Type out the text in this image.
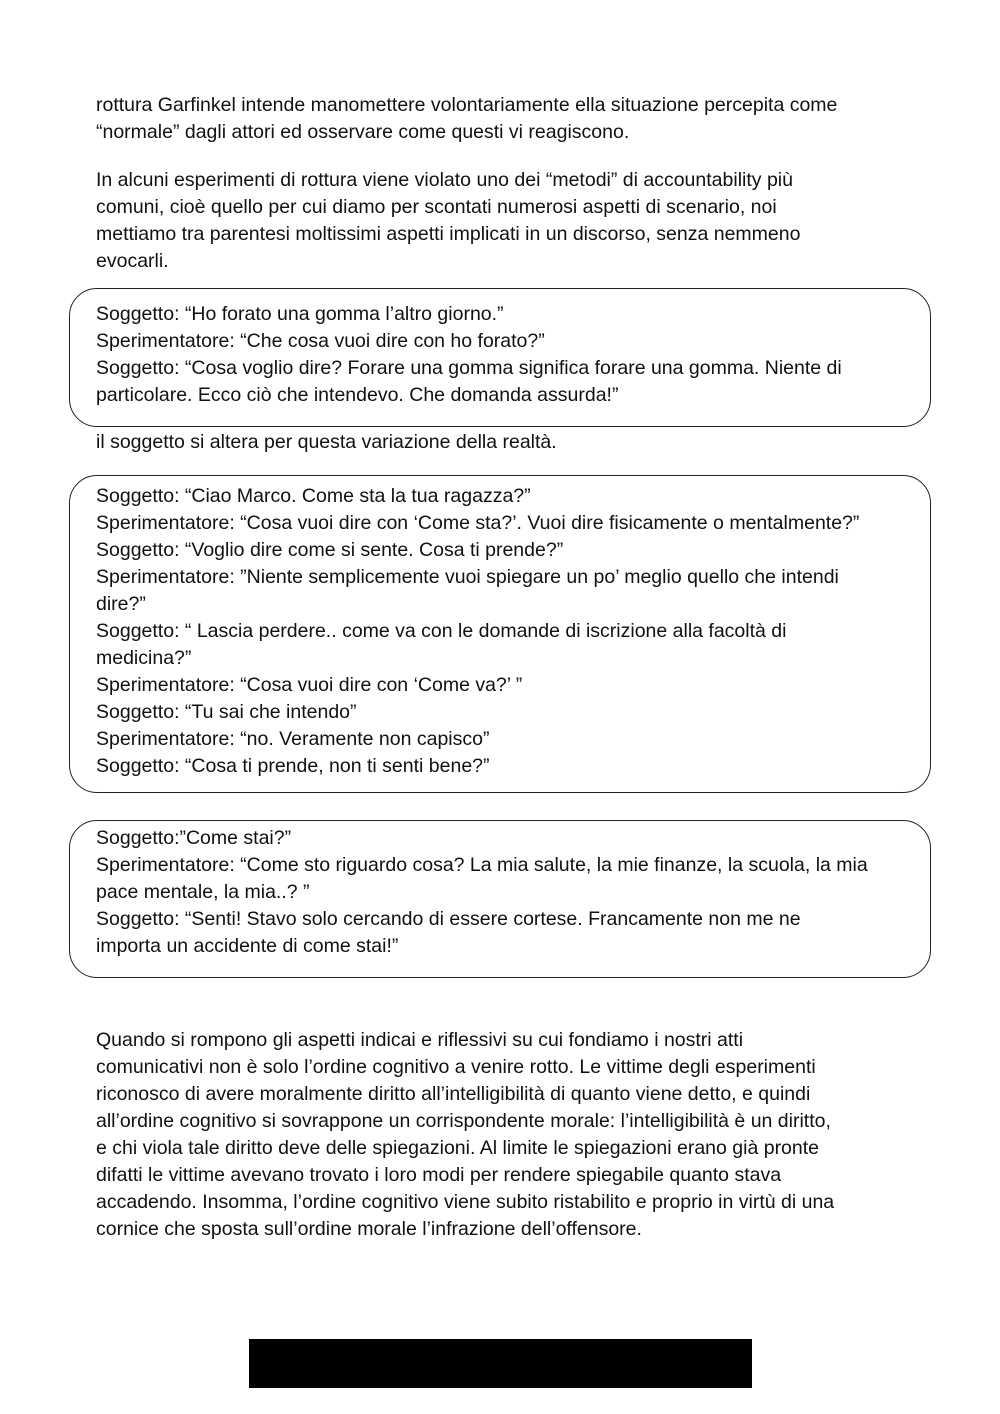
rottura Garfinkel intende manomettere volontariamente ella situazione percepita come
“normale” dagli attori ed osservare come questi vi reagiscono.

In alcuni esperimenti di rottura viene violato uno dei “metodi” di accountability più
comuni, cioè quello per cui diamo per scontati numerosi aspetti di scenario, noi
mettiamo tra parentesi moltissimi aspetti implicati in un discorso, senza nemmeno
evocarli.

Soggetto: “Ho forato una gomma l’altro giorno.”
Sperimentatore: “Che cosa vuoi dire con ho forato?”
Soggetto: “Cosa voglio dire? Forare una gomma significa forare una gomma. Niente di
particolare. Ecco ciò che intendevo. Che domanda assurda!”

il soggetto si altera per questa variazione della realtà.

Soggetto: “Ciao Marco. Come sta la tua ragazza?”
Sperimentatore: “Cosa vuoi dire con ‘Come sta?’. Vuoi dire fisicamente o mentalmente?”
Soggetto: “Voglio dire come si sente. Cosa ti prende?”
Sperimentatore: ”Niente semplicemente vuoi spiegare un po’ meglio quello che intendi
dire?”
Soggetto: “ Lascia perdere.. come va con le domande di iscrizione alla facoltà di
medicina?”
Sperimentatore: “Cosa vuoi dire con ‘Come va?’ ”
Soggetto: “Tu sai che intendo”
Sperimentatore: “no. Veramente non capisco”
Soggetto: “Cosa ti prende, non ti senti bene?”

Soggetto:”Come stai?”
Sperimentatore: “Come sto riguardo cosa? La mia salute, la mie finanze, la scuola, la mia
pace mentale, la mia..? ”
Soggetto: “Senti! Stavo solo cercando di essere cortese. Francamente non me ne
importa un accidente di come stai!”

Quando si rompono gli aspetti indicai e riflessivi su cui fondiamo i nostri atti
comunicativi non è solo l’ordine cognitivo a venire rotto. Le vittime degli esperimenti
riconosco di avere moralmente diritto all’intelligibilità di quanto viene detto, e quindi
all’ordine cognitivo si sovrappone un corrispondente morale: l’intelligibilità è un diritto,
e chi viola tale diritto deve delle spiegazioni. Al limite le spiegazioni erano già pronte
difatti le vittime avevano trovato i loro modi per rendere spiegabile quanto stava
accadendo. Insomma, l’ordine cognitivo viene subito ristabilito e proprio in virtù di una
cornice che sposta sull’ordine morale l’infrazione dell’offensore.
